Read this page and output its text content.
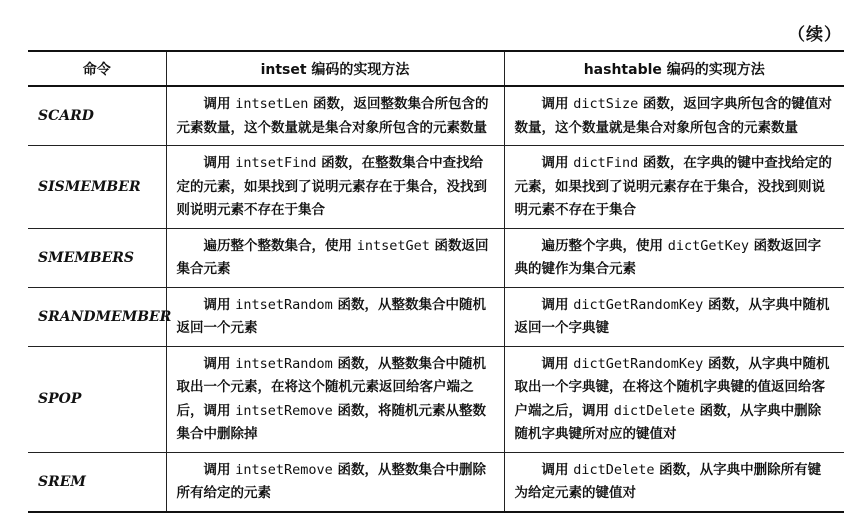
（续）
命令	intset 编码的实现方法	hashtable 编码的实现方法
SCARD	调用 intsetLen 函数，返回整数集合所包含的元素数量，这个数量就是集合对象所包含的元素数量	调用 dictSize 函数，返回字典所包含的键值对数量，这个数量就是集合对象所包含的元素数量
SISMEMBER	调用 intsetFind 函数，在整数集合中查找给定的元素，如果找到了说明元素存在于集合，没找到则说明元素不存在于集合	调用 dictFind 函数，在字典的键中查找给定的元素，如果找到了说明元素存在于集合，没找到则说明元素不存在于集合
SMEMBERS	遍历整个整数集合，使用 intsetGet 函数返回集合元素	遍历整个字典，使用 dictGetKey 函数返回字典的键作为集合元素
SRANDMEMBER	调用 intsetRandom 函数，从整数集合中随机返回一个元素	调用 dictGetRandomKey 函数，从字典中随机返回一个字典键
SPOP	调用 intsetRandom 函数，从整数集合中随机取出一个元素，在将这个随机元素返回给客户端之后，调用 intsetRemove 函数，将随机元素从整数集合中删除掉	调用 dictGetRandomKey 函数，从字典中随机取出一个字典键，在将这个随机字典键的值返回给客户端之后，调用 dictDelete 函数，从字典中删除随机字典键所对应的键值对
SREM	调用 intsetRemove 函数，从整数集合中删除所有给定的元素	调用 dictDelete 函数，从字典中删除所有键为给定元素的键值对
